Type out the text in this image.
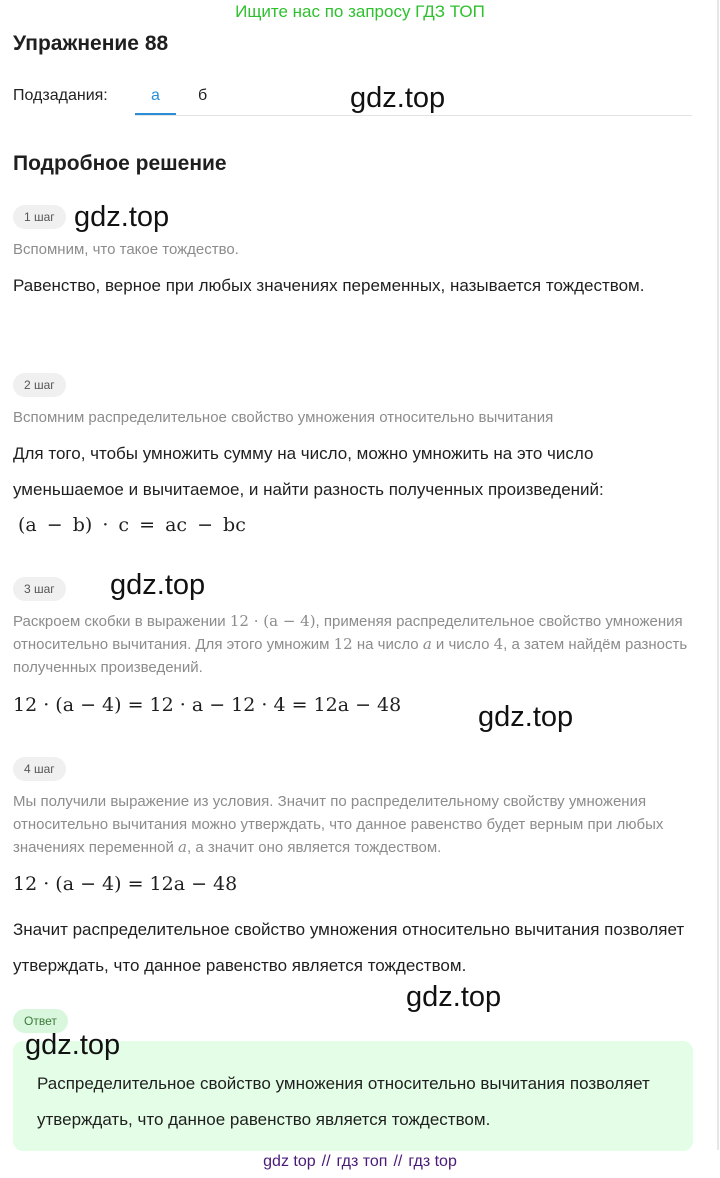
Ищите нас по запросу ГДЗ ТОП
Упражнение 88
Подзадания:	а	б	gdz.top
Подробное решение
1 шаг gdz.top
Вспомним, что такое тождество.
Равенство, верное при любых значениях переменных, называется тождеством.
2 шаг
Вспомним распределительное свойство умножения относительно вычитания
Для того, чтобы умножить сумму на число, можно умножить на это число уменьшаемое и вычитаемое, и найти разность полученных произведений:
(a − b) · c = ac − bc
3 шаг	gdz.top
Раскроем скобки в выражении 12 · (a − 4), применяя распределительное свойство умножения относительно вычитания. Для этого умножим 12 на число a и число 4, а затем найдём разность полученных произведений.
12 · (a − 4) = 12 · a − 12 · 4 = 12a − 48	gdz.top
4 шаг
Мы получили выражение из условия. Значит по распределительному свойству умножения относительно вычитания можно утверждать, что данное равенство будет верным при любых значениях переменной a, а значит оно является тождеством.
12 · (a − 4) = 12a − 48
Значит распределительное свойство умножения относительно вычитания позволяет утверждать, что данное равенство является тождеством.
gdz.top
Ответ
gdz.top
Распределительное свойство умножения относительно вычитания позволяет утверждать, что данное равенство является тождеством.
gdz top // гдз топ // гдз top
